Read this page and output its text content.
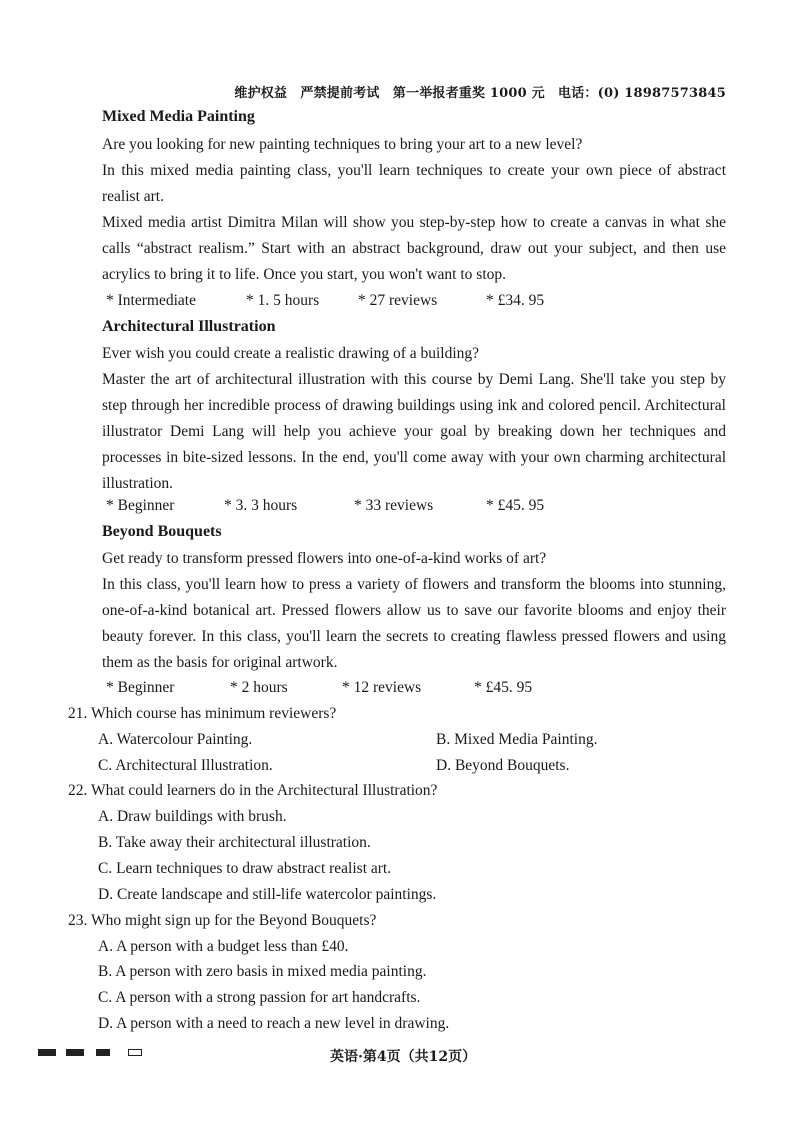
维护权益　严禁提前考试　第一举报者重奖 1000 元　电话：(0) 18987573845
Mixed Media Painting

Are you looking for new painting techniques to bring your art to a new level?

In this mixed media painting class, you'll learn techniques to create your own piece of abstract realist art.

Mixed media artist Dimitra Milan will show you step-by-step how to create a canvas in what she calls “abstract realism.” Start with an abstract background, draw out your subject, and then use acrylics to bring it to life. Once you start, you won't want to stop.

* Intermediate	* 1. 5 hours	* 27 reviews	* £34. 95
Architectural Illustration

Ever wish you could create a realistic drawing of a building?

Master the art of architectural illustration with this course by Demi Lang. She'll take you step by step through her incredible process of drawing buildings using ink and colored pencil. Architectural illustrator Demi Lang will help you achieve your goal by breaking down her techniques and processes in bite-sized lessons. In the end, you'll come away with your own charming architectural illustration.

* Beginner	* 3. 3 hours	* 33 reviews	* £45. 95
Beyond Bouquets

Get ready to transform pressed flowers into one-of-a-kind works of art?

In this class, you'll learn how to press a variety of flowers and transform the blooms into stunning, one-of-a-kind botanical art. Pressed flowers allow us to save our favorite blooms and enjoy their beauty forever. In this class, you'll learn the secrets to creating flawless pressed flowers and using them as the basis for original artwork.

* Beginner	* 2 hours	* 12 reviews	* £45. 95
21. Which course has minimum reviewers?
A. Watercolour Painting.	B. Mixed Media Painting.
C. Architectural Illustration.	D. Beyond Bouquets.
22. What could learners do in the Architectural Illustration?
A. Draw buildings with brush.
B. Take away their architectural illustration.
C. Learn techniques to draw abstract realist art.
D. Create landscape and still-life watercolor paintings.
23. Who might sign up for the Beyond Bouquets?
A. A person with a budget less than £40.
B. A person with zero basis in mixed media painting.
C. A person with a strong passion for art handcrafts.
D. A person with a need to reach a new level in drawing.
英语·第4页（共12页）
